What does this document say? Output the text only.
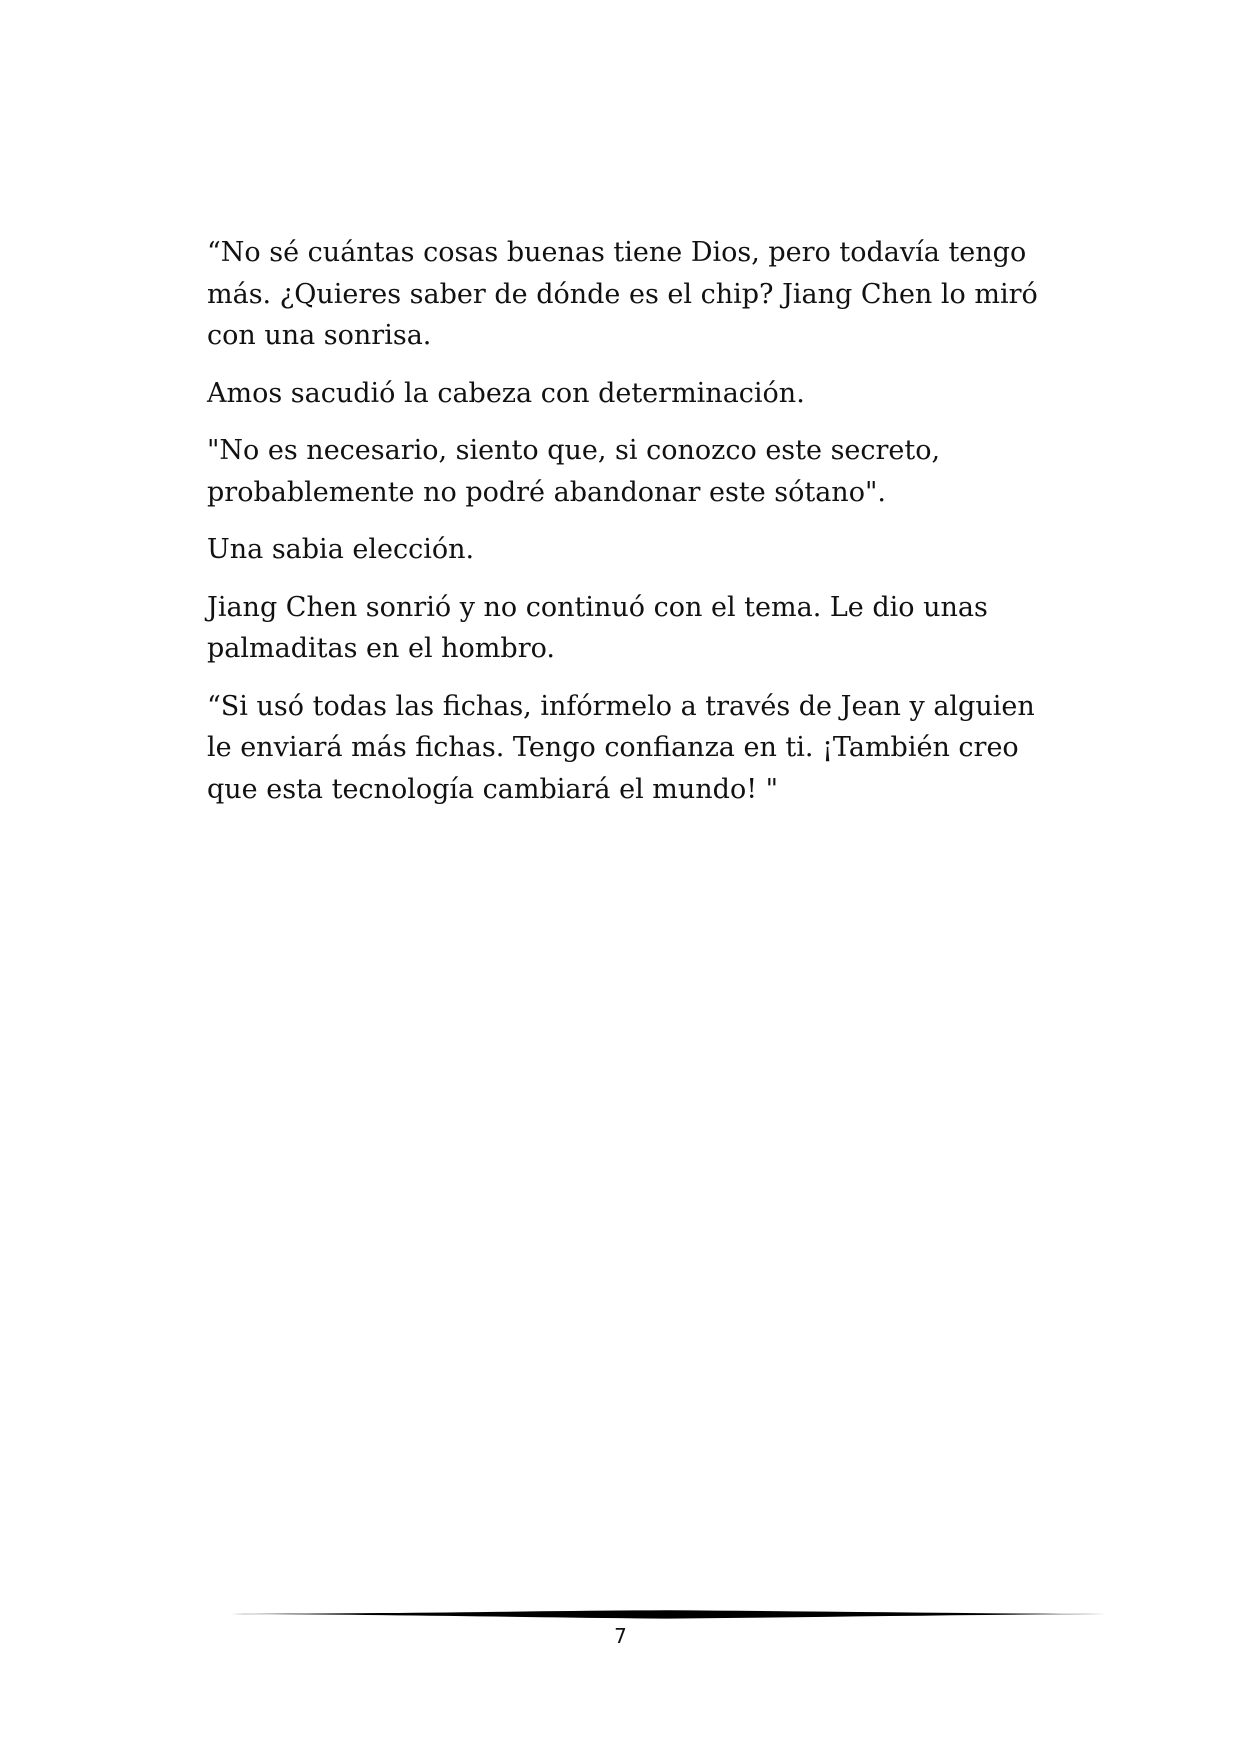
“No sé cuántas cosas buenas tiene Dios, pero todavía tengo más. ¿Quieres saber de dónde es el chip? Jiang Chen lo miró con una sonrisa.

Amos sacudió la cabeza con determinación.

"No es necesario, siento que, si conozco este secreto, probablemente no podré abandonar este sótano".

Una sabia elección.

Jiang Chen sonrió y no continuó con el tema. Le dio unas palmaditas en el hombro.

“Si usó todas las fichas, infórmelo a través de Jean y alguien le enviará más fichas. Tengo confianza en ti. ¡También creo que esta tecnología cambiará el mundo! "

7
